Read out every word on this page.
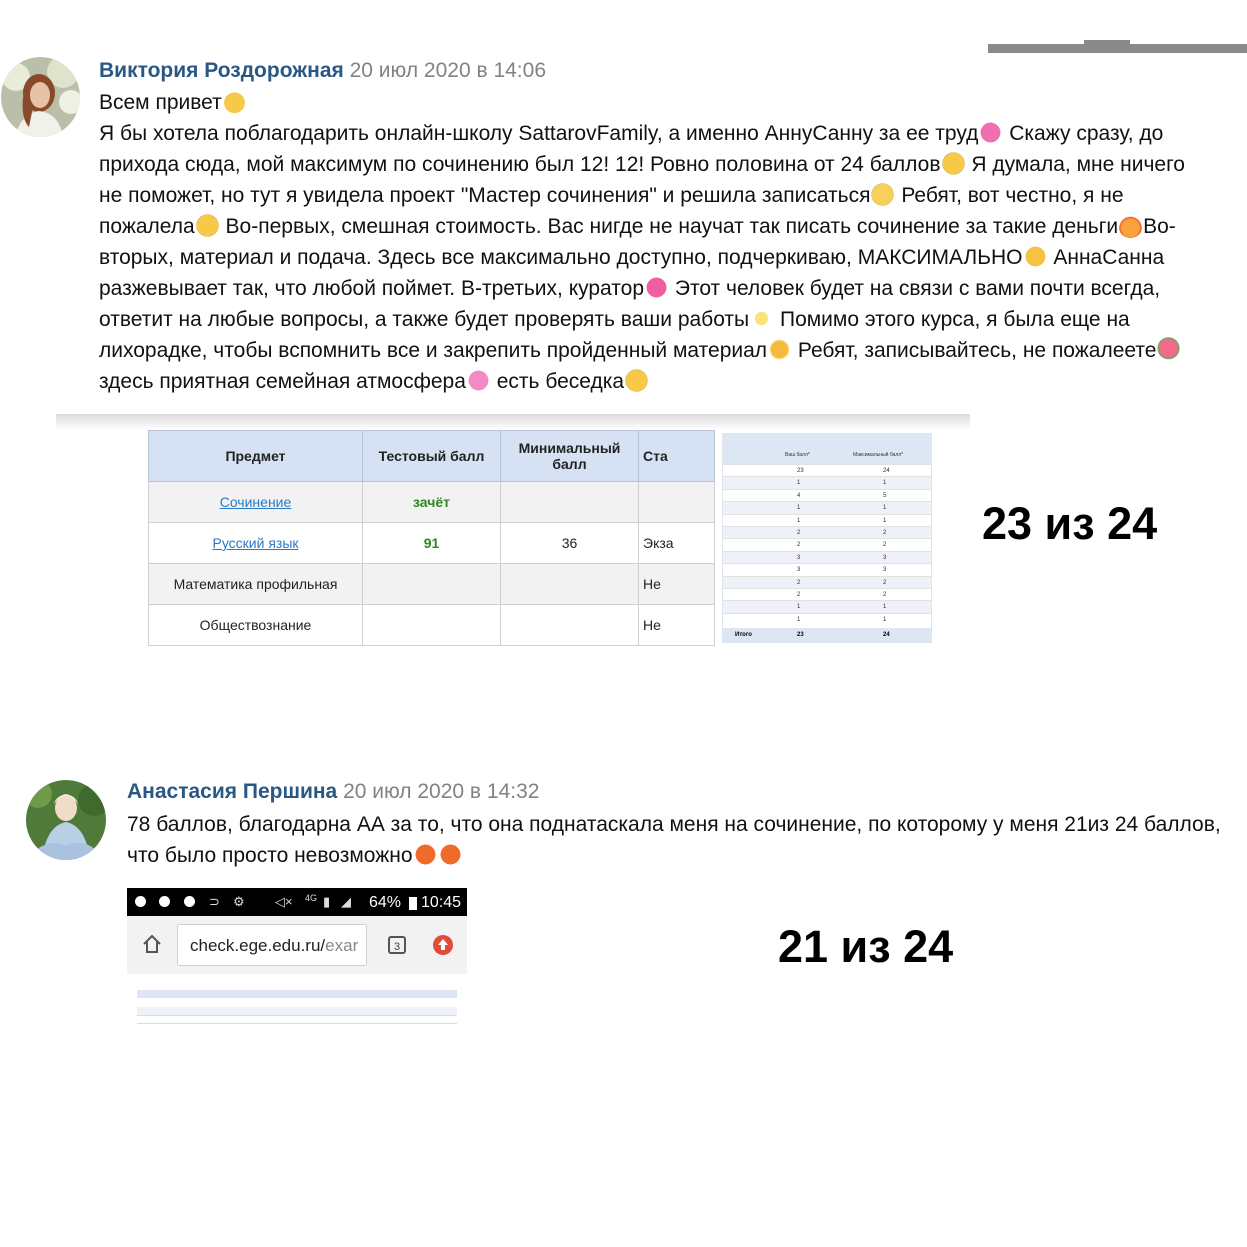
Виктория Роздорожная 20 июл 2020 в 14:06

Всем привет

Я бы хотела поблагодарить онлайн-школу SattarovFamily, а именно АннуСанну за ее труд
Скажу сразу, до

прихода сюда, мой максимум по сочинению был 12! 12! Ровно половина от 24 баллов
Я думала, мне ничего

не поможет, но тут я увидела проект "Мастер сочинения" и решила записаться
Ребят, вот честно, я не

пожалела
Во-первых, смешная стоимость. Вас нигде не научат так писать сочинение за такие деньги Во-

вторых, материал и подача. Здесь все максимально доступно, подчеркиваю, МАКСИМАЛЬНО
АннаСанна

разжевывает так, что любой поймет. В-третьих, куратор
Этот человек будет на связи с вами почти всегда,

ответит на любые вопросы, а также будет проверять ваши работы
Помимо этого курса, я была еще на

лихорадке, чтобы вспомнить все и закрепить пройденный материал
Ребят, записывайтесь, не пожалеете

здесь приятная семейная атмосфера
есть беседка

Предмет	Тестовый балл	Минимальный балл	Ста
Сочинение	зачёт		
Русский язык	91	36	Экза
Математика профильная			Не
Обществознание			Не
Ваш балл*	Максимальный балл*
23	24
1	1
4	5
1	1
1	1
2	2
2	2
3	3
3	3
2	2
2	2
1	1
1	1
Итого	23	24
23 из 24
Анастасия Першина 20 июл 2020 в 14:32

78 баллов, благодарна АА за то, что она поднатаскала меня на сочинение, по которому у меня 21из 24 баллов,

что было просто невозможно

⊃ ⚙ ◁× 4G ▮ ◢ 64% 10:45
check.ege.edu.ru/exar	3	21 из 24
